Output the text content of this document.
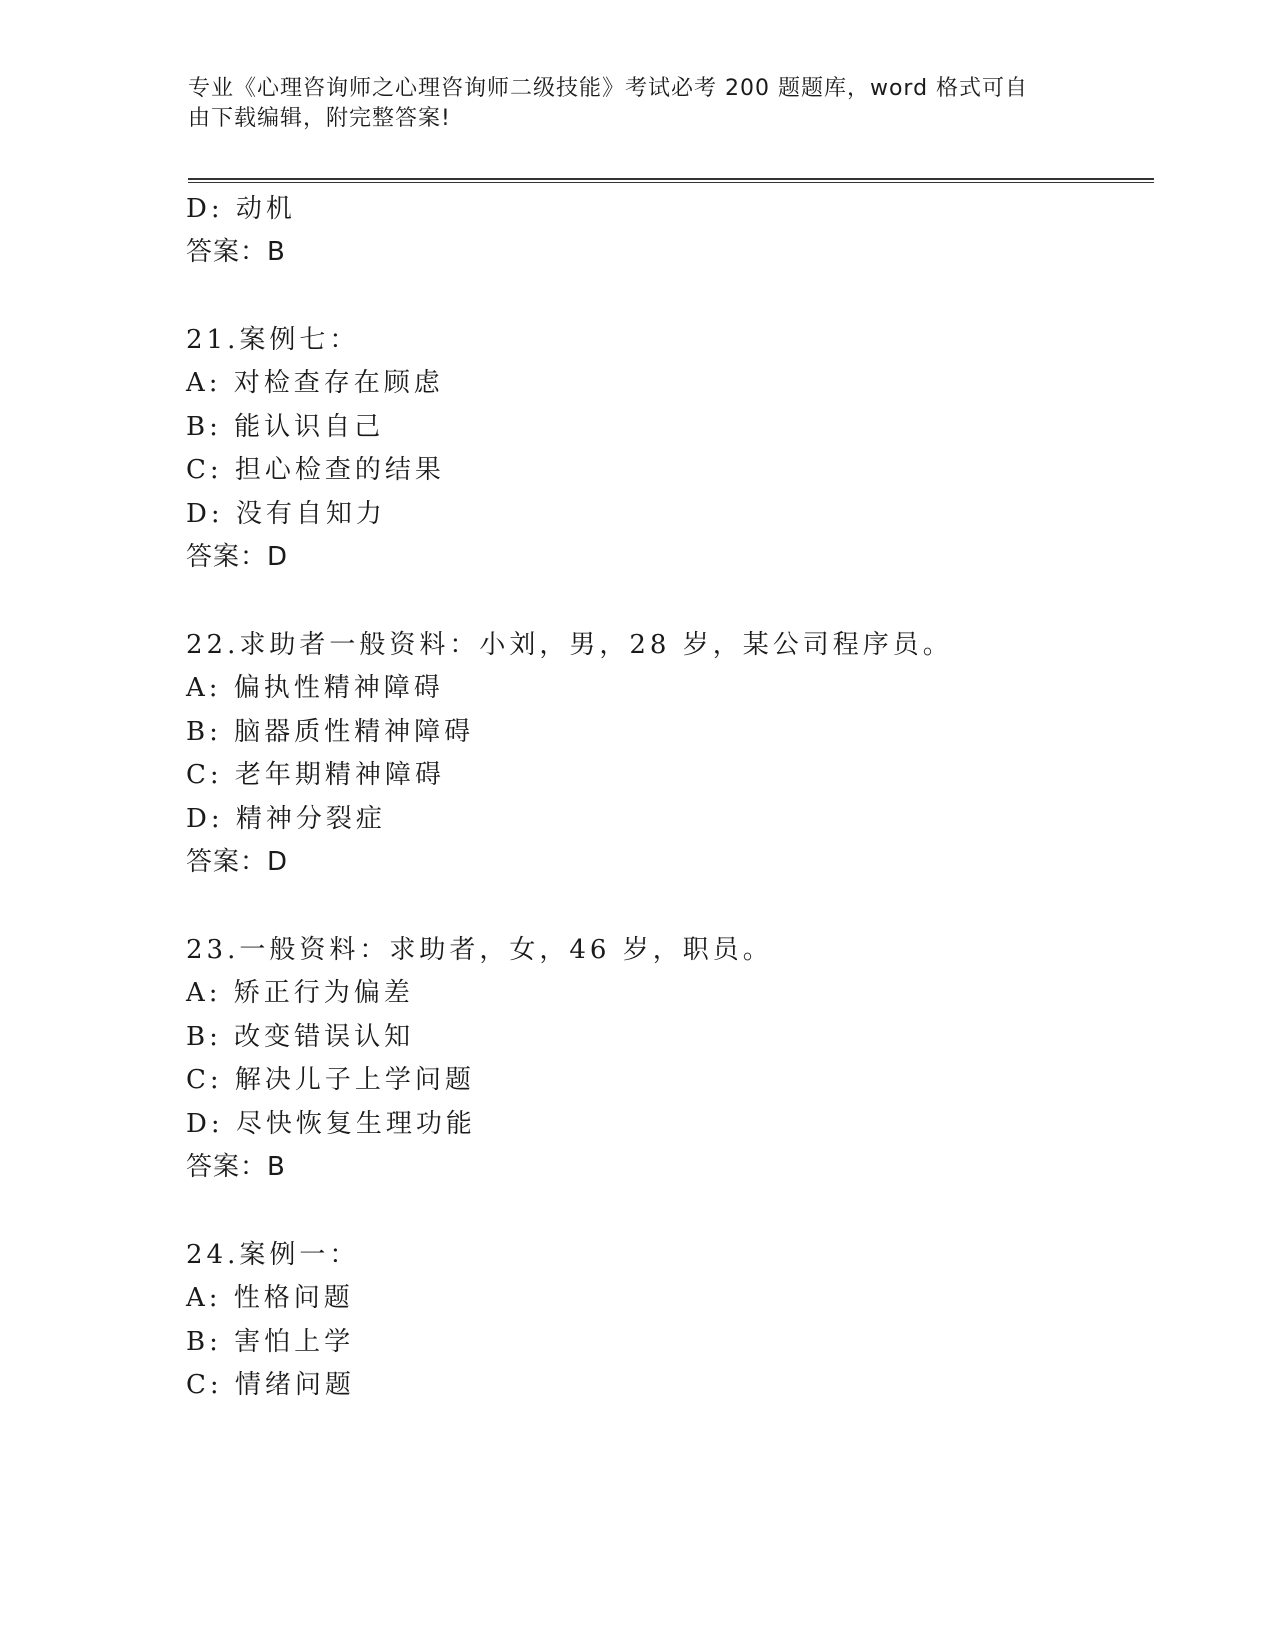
专业《心理咨询师之心理咨询师二级技能》考试必考 200 题题库，word 格式可自
由下载编辑，附完整答案!
D: 动机
答案：B
21.案例七：
A: 对检查存在顾虑
B: 能认识自己
C: 担心检查的结果
D: 没有自知力
答案：D
22.求助者一般资料：小刘，男，28 岁，某公司程序员。
A: 偏执性精神障碍
B: 脑器质性精神障碍
C: 老年期精神障碍
D: 精神分裂症
答案：D
23.一般资料：求助者，女，46 岁，职员。
A: 矫正行为偏差
B: 改变错误认知
C: 解决儿子上学问题
D: 尽快恢复生理功能
答案：B
24.案例一：
A: 性格问题
B: 害怕上学
C: 情绪问题
